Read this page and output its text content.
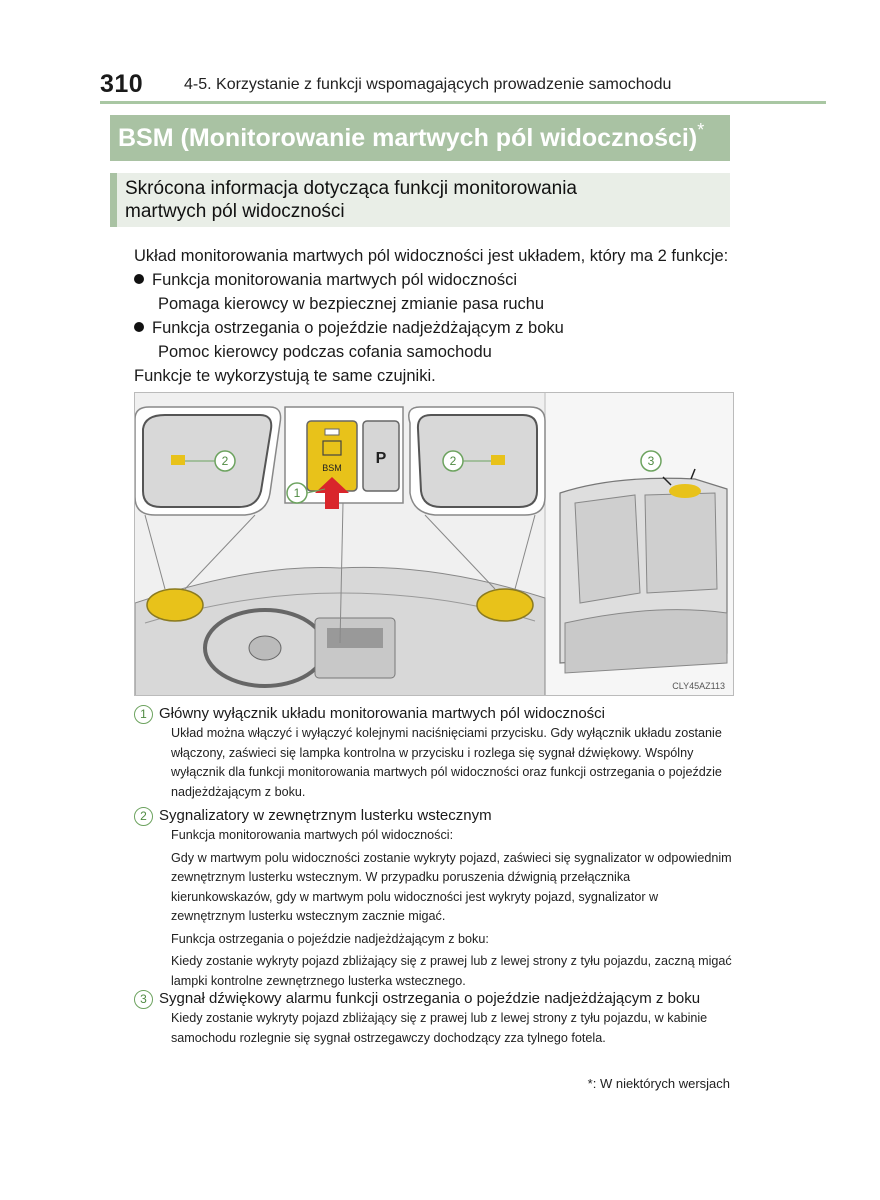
310	4-5. Korzystanie z funkcji wspomagających prowadzenie samochodu
BSM (Monitorowanie martwych pól widoczności)*
Skrócona informacja dotycząca funkcji monitorowania
martwych pól widoczności

Układ monitorowania martwych pól widoczności jest układem, który ma 2 funkcje:

Funkcja monitorowania martwych pól widoczności

Pomaga kierowcy w bezpiecznej zmianie pasa ruchu

Funkcja ostrzegania o pojeździe nadjeżdżającym z boku

Pomoc kierowcy podczas cofania samochodu

Funkcje te wykorzystują te same czujniki.

2
1
2	3
BSM
P
CLY45AZ113
1 Główny wyłącznik układu monitorowania martwych pól widoczności

Układ można włączyć i wyłączyć kolejnymi naciśnięciami przycisku. Gdy wyłącznik układu zostanie włączony, zaświeci się lampka kontrolna w przycisku i rozlega się sygnał dźwiękowy. Wspólny wyłącznik dla funkcji monitorowania martwych pól widoczności oraz funkcji ostrzegania o pojeździe nadjeżdżającym z boku.

2 Sygnalizatory w zewnętrznym lusterku wstecznym

Funkcja monitorowania martwych pól widoczności:

Gdy w martwym polu widoczności zostanie wykryty pojazd, zaświeci się sygnalizator w odpowiednim zewnętrznym lusterku wstecznym. W przypadku poruszenia dźwignią przełącznika kierunkowskazów, gdy w martwym polu widoczności jest wykryty pojazd, sygnalizator w zewnętrznym lusterku wstecznym zacznie migać.

Funkcja ostrzegania o pojeździe nadjeżdżającym z boku:

Kiedy zostanie wykryty pojazd zbliżający się z prawej lub z lewej strony z tyłu pojazdu, zaczną migać lampki kontrolne zewnętrznego lusterka wstecznego.

3 Sygnał dźwiękowy alarmu funkcji ostrzegania o pojeździe nadjeżdżającym z boku

Kiedy zostanie wykryty pojazd zbliżający się z prawej lub z lewej strony z tyłu pojazdu, w kabinie samochodu rozlegnie się sygnał ostrzegawczy dochodzący zza tylnego fotela.

*: W niektórych wersjach
